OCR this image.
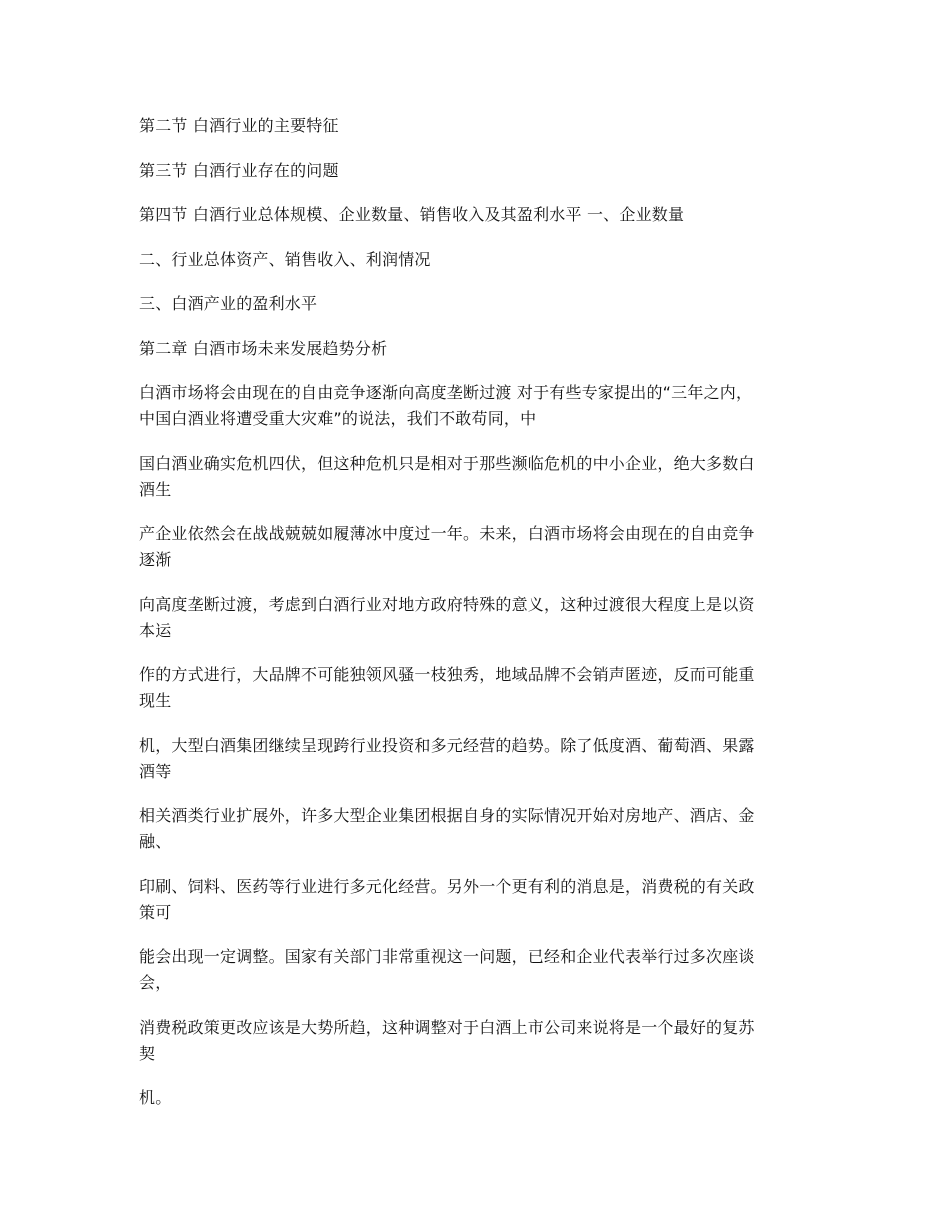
第二节 白酒行业的主要特征

第三节 白酒行业存在的问题

第四节 白酒行业总体规模、企业数量、销售收入及其盈利水平 一、企业数量

二、行业总体资产、销售收入、利润情况

三、白酒产业的盈利水平

第二章 白酒市场未来发展趋势分析

白酒市场将会由现在的自由竞争逐渐向高度垄断过渡 对于有些专家提出的“三年之内，
中国白酒业将遭受重大灾难”的说法，我们不敢苟同，中

国白酒业确实危机四伏，但这种危机只是相对于那些濒临危机的中小企业，绝大多数白
酒生

产企业依然会在战战兢兢如履薄冰中度过一年。未来，白酒市场将会由现在的自由竞争
逐渐

向高度垄断过渡，考虑到白酒行业对地方政府特殊的意义，这种过渡很大程度上是以资
本运

作的方式进行，大品牌不可能独领风骚一枝独秀，地域品牌不会销声匿迹，反而可能重
现生

机，大型白酒集团继续呈现跨行业投资和多元经营的趋势。除了低度酒、葡萄酒、果露
酒等

相关酒类行业扩展外，许多大型企业集团根据自身的实际情况开始对房地产、酒店、金
融、

印刷、饲料、医药等行业进行多元化经营。另外一个更有利的消息是，消费税的有关政
策可

能会出现一定调整。国家有关部门非常重视这一问题，已经和企业代表举行过多次座谈
会，

消费税政策更改应该是大势所趋，这种调整对于白酒上市公司来说将是一个最好的复苏
契

机。
